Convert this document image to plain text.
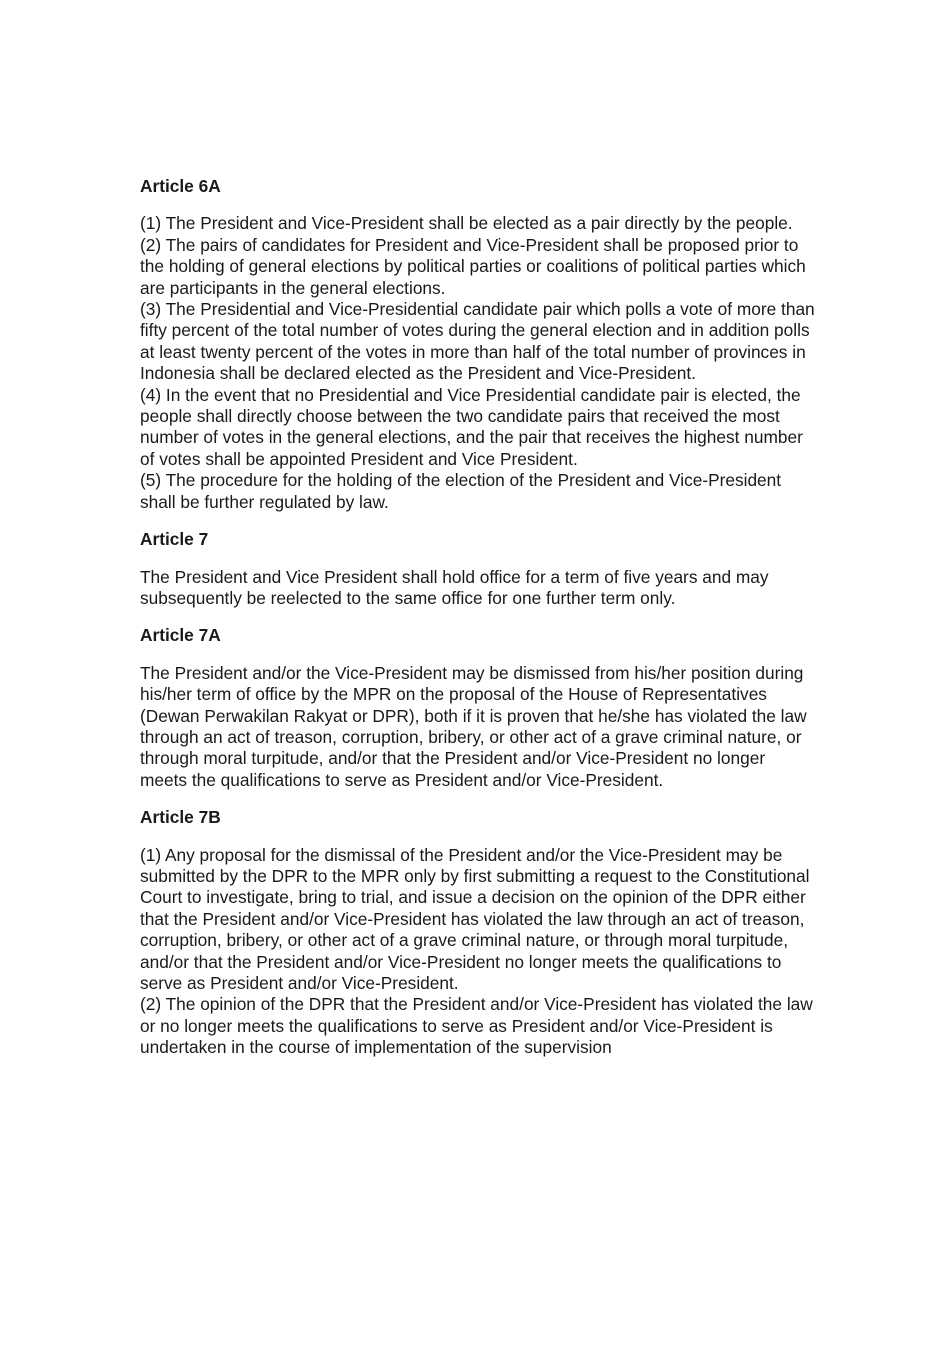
Article 6A

(1) The President and Vice-President shall be elected as a pair directly by the people.

(2) The pairs of candidates for President and Vice-President shall be proposed prior to the holding of general elections by political parties or coalitions of political parties which are participants in the general elections.

(3) The Presidential and Vice-Presidential candidate pair which polls a vote of more than fifty percent of the total number of votes during the general election and in addition polls at least twenty percent of the votes in more than half of the total number of provinces in Indonesia shall be declared elected as the President and Vice-President.

(4) In the event that no Presidential and Vice Presidential candidate pair is elected, the people shall directly choose between the two candidate pairs that received the most number of votes in the general elections, and the pair that receives the highest number of votes shall be appointed President and Vice President.

(5) The procedure for the holding of the election of the President and Vice-President shall be further regulated by law.

Article 7

The President and Vice President shall hold office for a term of five years and may subsequently be reelected to the same office for one further term only.

Article 7A

The President and/or the Vice-President may be dismissed from his/her position during his/her term of office by the MPR on the proposal of the House of Representatives (Dewan Perwakilan Rakyat or DPR), both if it is proven that he/she has violated the law through an act of treason, corruption, bribery, or other act of a grave criminal nature, or through moral turpitude, and/or that the President and/or Vice-President no longer meets the qualifications to serve as President and/or Vice-President.

Article 7B

(1) Any proposal for the dismissal of the President and/or the Vice-President may be submitted by the DPR to the MPR only by first submitting a request to the Constitutional Court to investigate, bring to trial, and issue a decision on the opinion of the DPR either that the President and/or Vice-President has violated the law through an act of treason, corruption, bribery, or other act of a grave criminal nature, or through moral turpitude, and/or that the President and/or Vice-President no longer meets the qualifications to serve as President and/or Vice-President.

(2) The opinion of the DPR that the President and/or Vice-President has violated the law or no longer meets the qualifications to serve as President and/or Vice-President is undertaken in the course of implementation of the supervision
